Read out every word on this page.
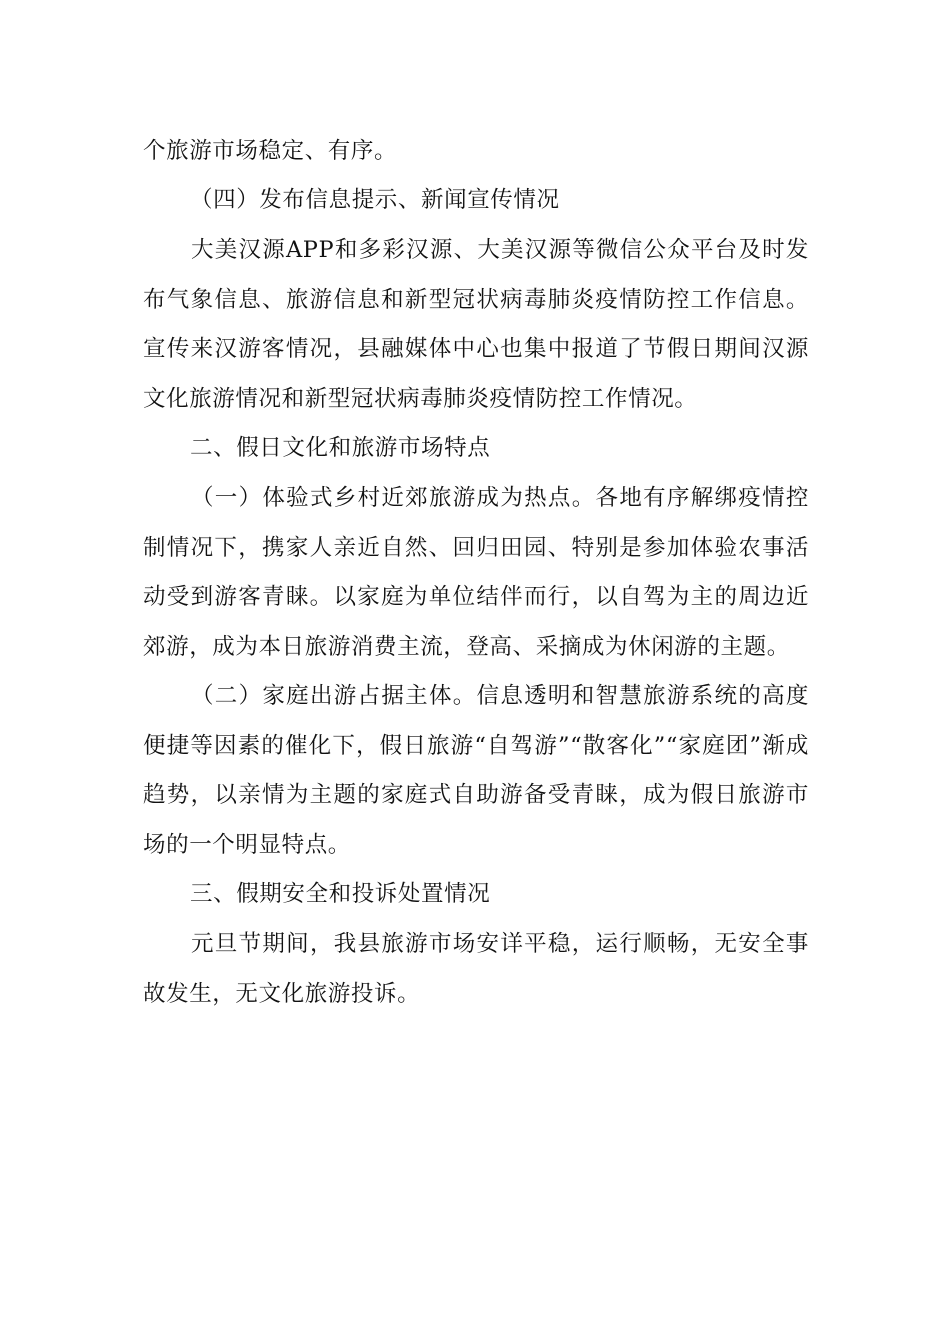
个旅游市场稳定、有序。

（四）发布信息提示、新闻宣传情况

大美汉源APP和多彩汉源、大美汉源等微信公众平台及时发布气象信息、旅游信息和新型冠状病毒肺炎疫情防控工作信息。宣传来汉游客情况，县融媒体中心也集中报道了节假日期间汉源文化旅游情况和新型冠状病毒肺炎疫情防控工作情况。

二、假日文化和旅游市场特点

（一）体验式乡村近郊旅游成为热点。各地有序解绑疫情控制情况下，携家人亲近自然、回归田园、特别是参加体验农事活动受到游客青睐。以家庭为单位结伴而行，以自驾为主的周边近郊游，成为本日旅游消费主流，登高、采摘成为休闲游的主题。

（二）家庭出游占据主体。信息透明和智慧旅游系统的高度便捷等因素的催化下，假日旅游“自驾游”“散客化”“家庭团”渐成趋势，以亲情为主题的家庭式自助游备受青睐，成为假日旅游市场的一个明显特点。

三、假期安全和投诉处置情况

元旦节期间，我县旅游市场安详平稳，运行顺畅，无安全事故发生，无文化旅游投诉。
